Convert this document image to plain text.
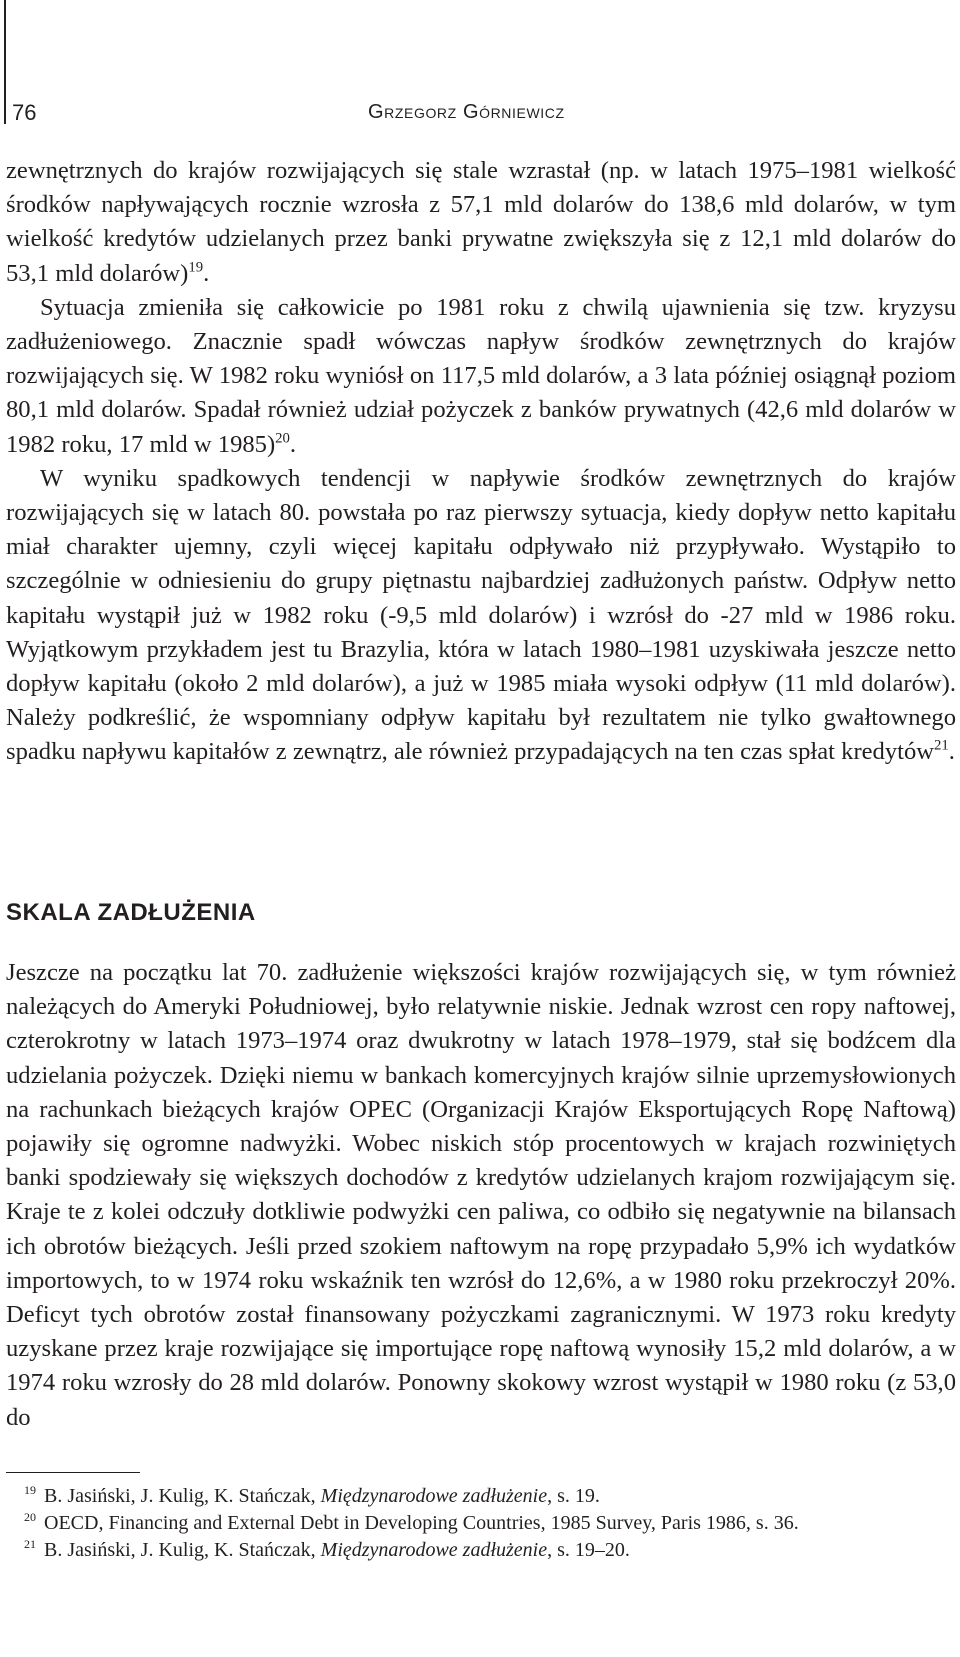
76	Grzegorz Górniewicz

zewnętrznych do krajów rozwijających się stale wzrastał (np. w latach 1975–1981 wielkość środków napływających rocznie wzrosła z 57,1 mld dolarów do 138,6 mld dolarów, w tym wielkość kredytów udzielanych przez banki prywatne zwiększyła się z 12,1 mld dolarów do 53,1 mld dolarów)$^{19}$.

Sytuacja zmieniła się całkowicie po 1981 roku z chwilą ujawnienia się tzw. kryzysu zadłużeniowego. Znacznie spadł wówczas napływ środków zewnętrznych do krajów rozwijających się. W 1982 roku wyniósł on 117,5 mld dolarów, a 3 lata później osiągnął poziom 80,1 mld dolarów. Spadał również udział pożyczek z banków prywatnych (42,6 mld dolarów w 1982 roku, 17 mld w 1985)$^{20}$.

W wyniku spadkowych tendencji w napływie środków zewnętrznych do krajów rozwijających się w latach 80. powstała po raz pierwszy sytuacja, kiedy dopływ netto kapitału miał charakter ujemny, czyli więcej kapitału odpływało niż przypływało. Wystąpiło to szczególnie w odniesieniu do grupy piętnastu najbardziej zadłużonych państw. Odpływ netto kapitału wystąpił już w 1982 roku (-9,5 mld dolarów) i wzrósł do -27 mld w 1986 roku. Wyjątkowym przykładem jest tu Brazylia, która w latach 1980–1981 uzyskiwała jeszcze netto dopływ kapitału (około 2 mld dolarów), a już w 1985 miała wysoki odpływ (11 mld dolarów). Należy podkreślić, że wspomniany odpływ kapitału był rezultatem nie tylko gwałtownego spadku napływu kapitałów z zewnątrz, ale również przypadających na ten czas spłat kredytów$^{21}$.

SKALA ZADŁUŻENIA

Jeszcze na początku lat 70. zadłużenie większości krajów rozwijających się, w tym również należących do Ameryki Południowej, było relatywnie niskie. Jednak wzrost cen ropy naftowej, czterokrotny w latach 1973–1974 oraz dwukrotny w latach 1978–1979, stał się bodźcem dla udzielania pożyczek. Dzięki niemu w bankach komercyjnych krajów silnie uprzemysłowionych na rachunkach bieżących krajów OPEC (Organizacji Krajów Eksportujących Ropę Naftową) pojawiły się ogromne nadwyżki. Wobec niskich stóp procentowych w krajach rozwiniętych banki spodziewały się większych dochodów z kredytów udzielanych krajom rozwijającym się. Kraje te z kolei odczuły dotkliwie podwyżki cen paliwa, co odbiło się negatywnie na bilansach ich obrotów bieżących. Jeśli przed szokiem naftowym na ropę przypadało 5,9% ich wydatków importowych, to w 1974 roku wskaźnik ten wzrósł do 12,6%, a w 1980 roku przekroczył 20%. Deficyt tych obrotów został finansowany pożyczkami zagranicznymi. W 1973 roku kredyty uzyskane przez kraje rozwijające się importujące ropę naftową wynosiły 15,2 mld dolarów, a w 1974 roku wzrosły do 28 mld dolarów. Ponowny skokowy wzrost wystąpił w 1980 roku (z 53,0 do

$^{19}$ B. Jasiński, J. Kulig, K. Stańczak, Międzynarodowe zadłużenie, s. 19.

$^{20}$ OECD, Financing and External Debt in Developing Countries, 1985 Survey, Paris 1986, s. 36.

$^{21}$ B. Jasiński, J. Kulig, K. Stańczak, Międzynarodowe zadłużenie, s. 19–20.
